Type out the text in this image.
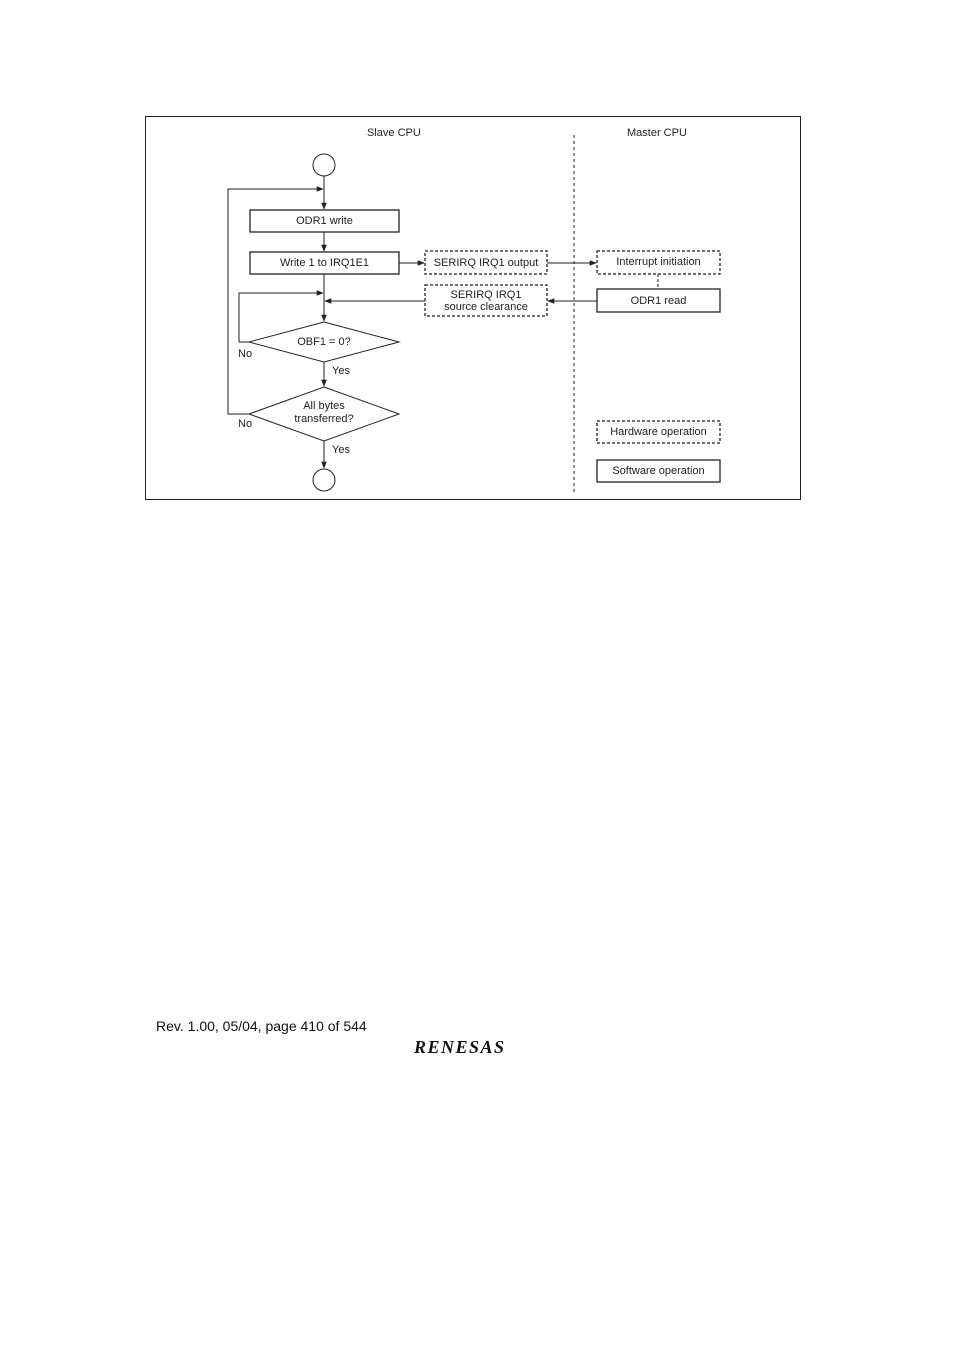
Slave CPU	Master CPU
ODR1 write
Write 1 to IRQ1E1	SERIRQ IRQ1 output
SERIRQ IRQ1
source clearance
Interrupt initiation
ODR1 read
OBF1 = 0?
All bytes
transferred?
No
Yes
No
Yes
Hardware operation
Software operation
Rev. 1.00, 05/04, page 410 of 544
RENESAS
